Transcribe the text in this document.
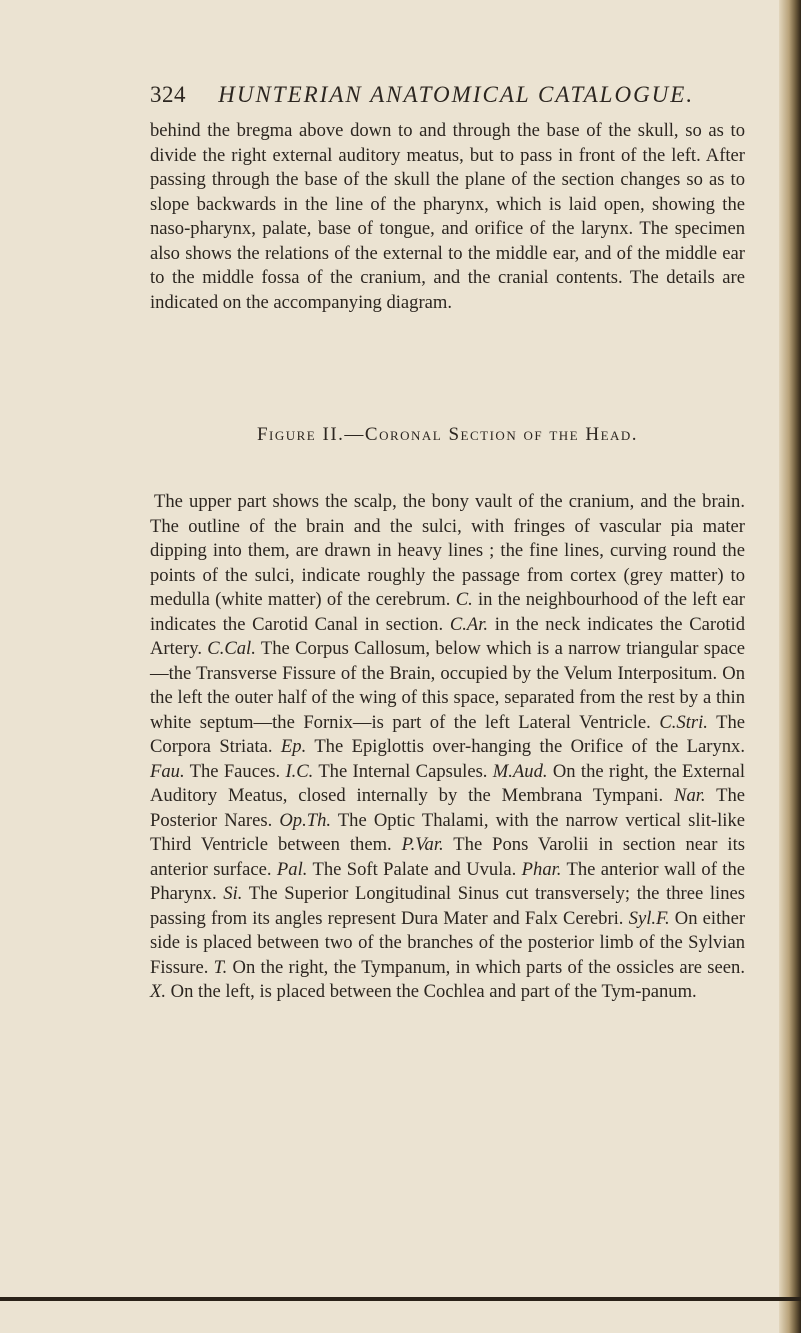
324 HUNTERIAN ANATOMICAL CATALOGUE.
behind the bregma above down to and through the base of the skull, so as to divide the right external auditory meatus, but to pass in front of the left. After passing through the base of the skull the plane of the section changes so as to slope backwards in the line of the pharynx, which is laid open, showing the naso-pharynx, palate, base of tongue, and orifice of the larynx. The specimen also shows the relations of the external to the middle ear, and of the middle ear to the middle fossa of the cranium, and the cranial contents. The details are indicated on the accompanying diagram.
Figure II.—Coronal Section of the Head.
The upper part shows the scalp, the bony vault of the cranium, and the brain. The outline of the brain and the sulci, with fringes of vascular pia mater dipping into them, are drawn in heavy lines ; the fine lines, curving round the points of the sulci, indicate roughly the passage from cortex (grey matter) to medulla (white matter) of the cerebrum. C. in the neighbourhood of the left ear indicates the Carotid Canal in section. C.Ar. in the neck indicates the Carotid Artery. C.Cal. The Corpus Callosum, below which is a narrow triangular space—the Transverse Fissure of the Brain, occupied by the Velum Interpositum. On the left the outer half of the wing of this space, separated from the rest by a thin white septum—the Fornix—is part of the left Lateral Ventricle. C.Stri. The Corpora Striata. Ep. The Epiglottis over-hanging the Orifice of the Larynx. Fau. The Fauces. I.C. The Internal Capsules. M.Aud. On the right, the External Auditory Meatus, closed internally by the Membrana Tympani. Nar. The Posterior Nares. Op.Th. The Optic Thalami, with the narrow vertical slit-like Third Ventricle between them. P.Var. The Pons Varolii in section near its anterior surface. Pal. The Soft Palate and Uvula. Phar. The anterior wall of the Pharynx. Si. The Superior Longitudinal Sinus cut transversely; the three lines passing from its angles represent Dura Mater and Falx Cerebri. Syl.F. On either side is placed between two of the branches of the posterior limb of the Sylvian Fissure. T. On the right, the Tympanum, in which parts of the ossicles are seen. X. On the left, is placed between the Cochlea and part of the Tym-panum.
